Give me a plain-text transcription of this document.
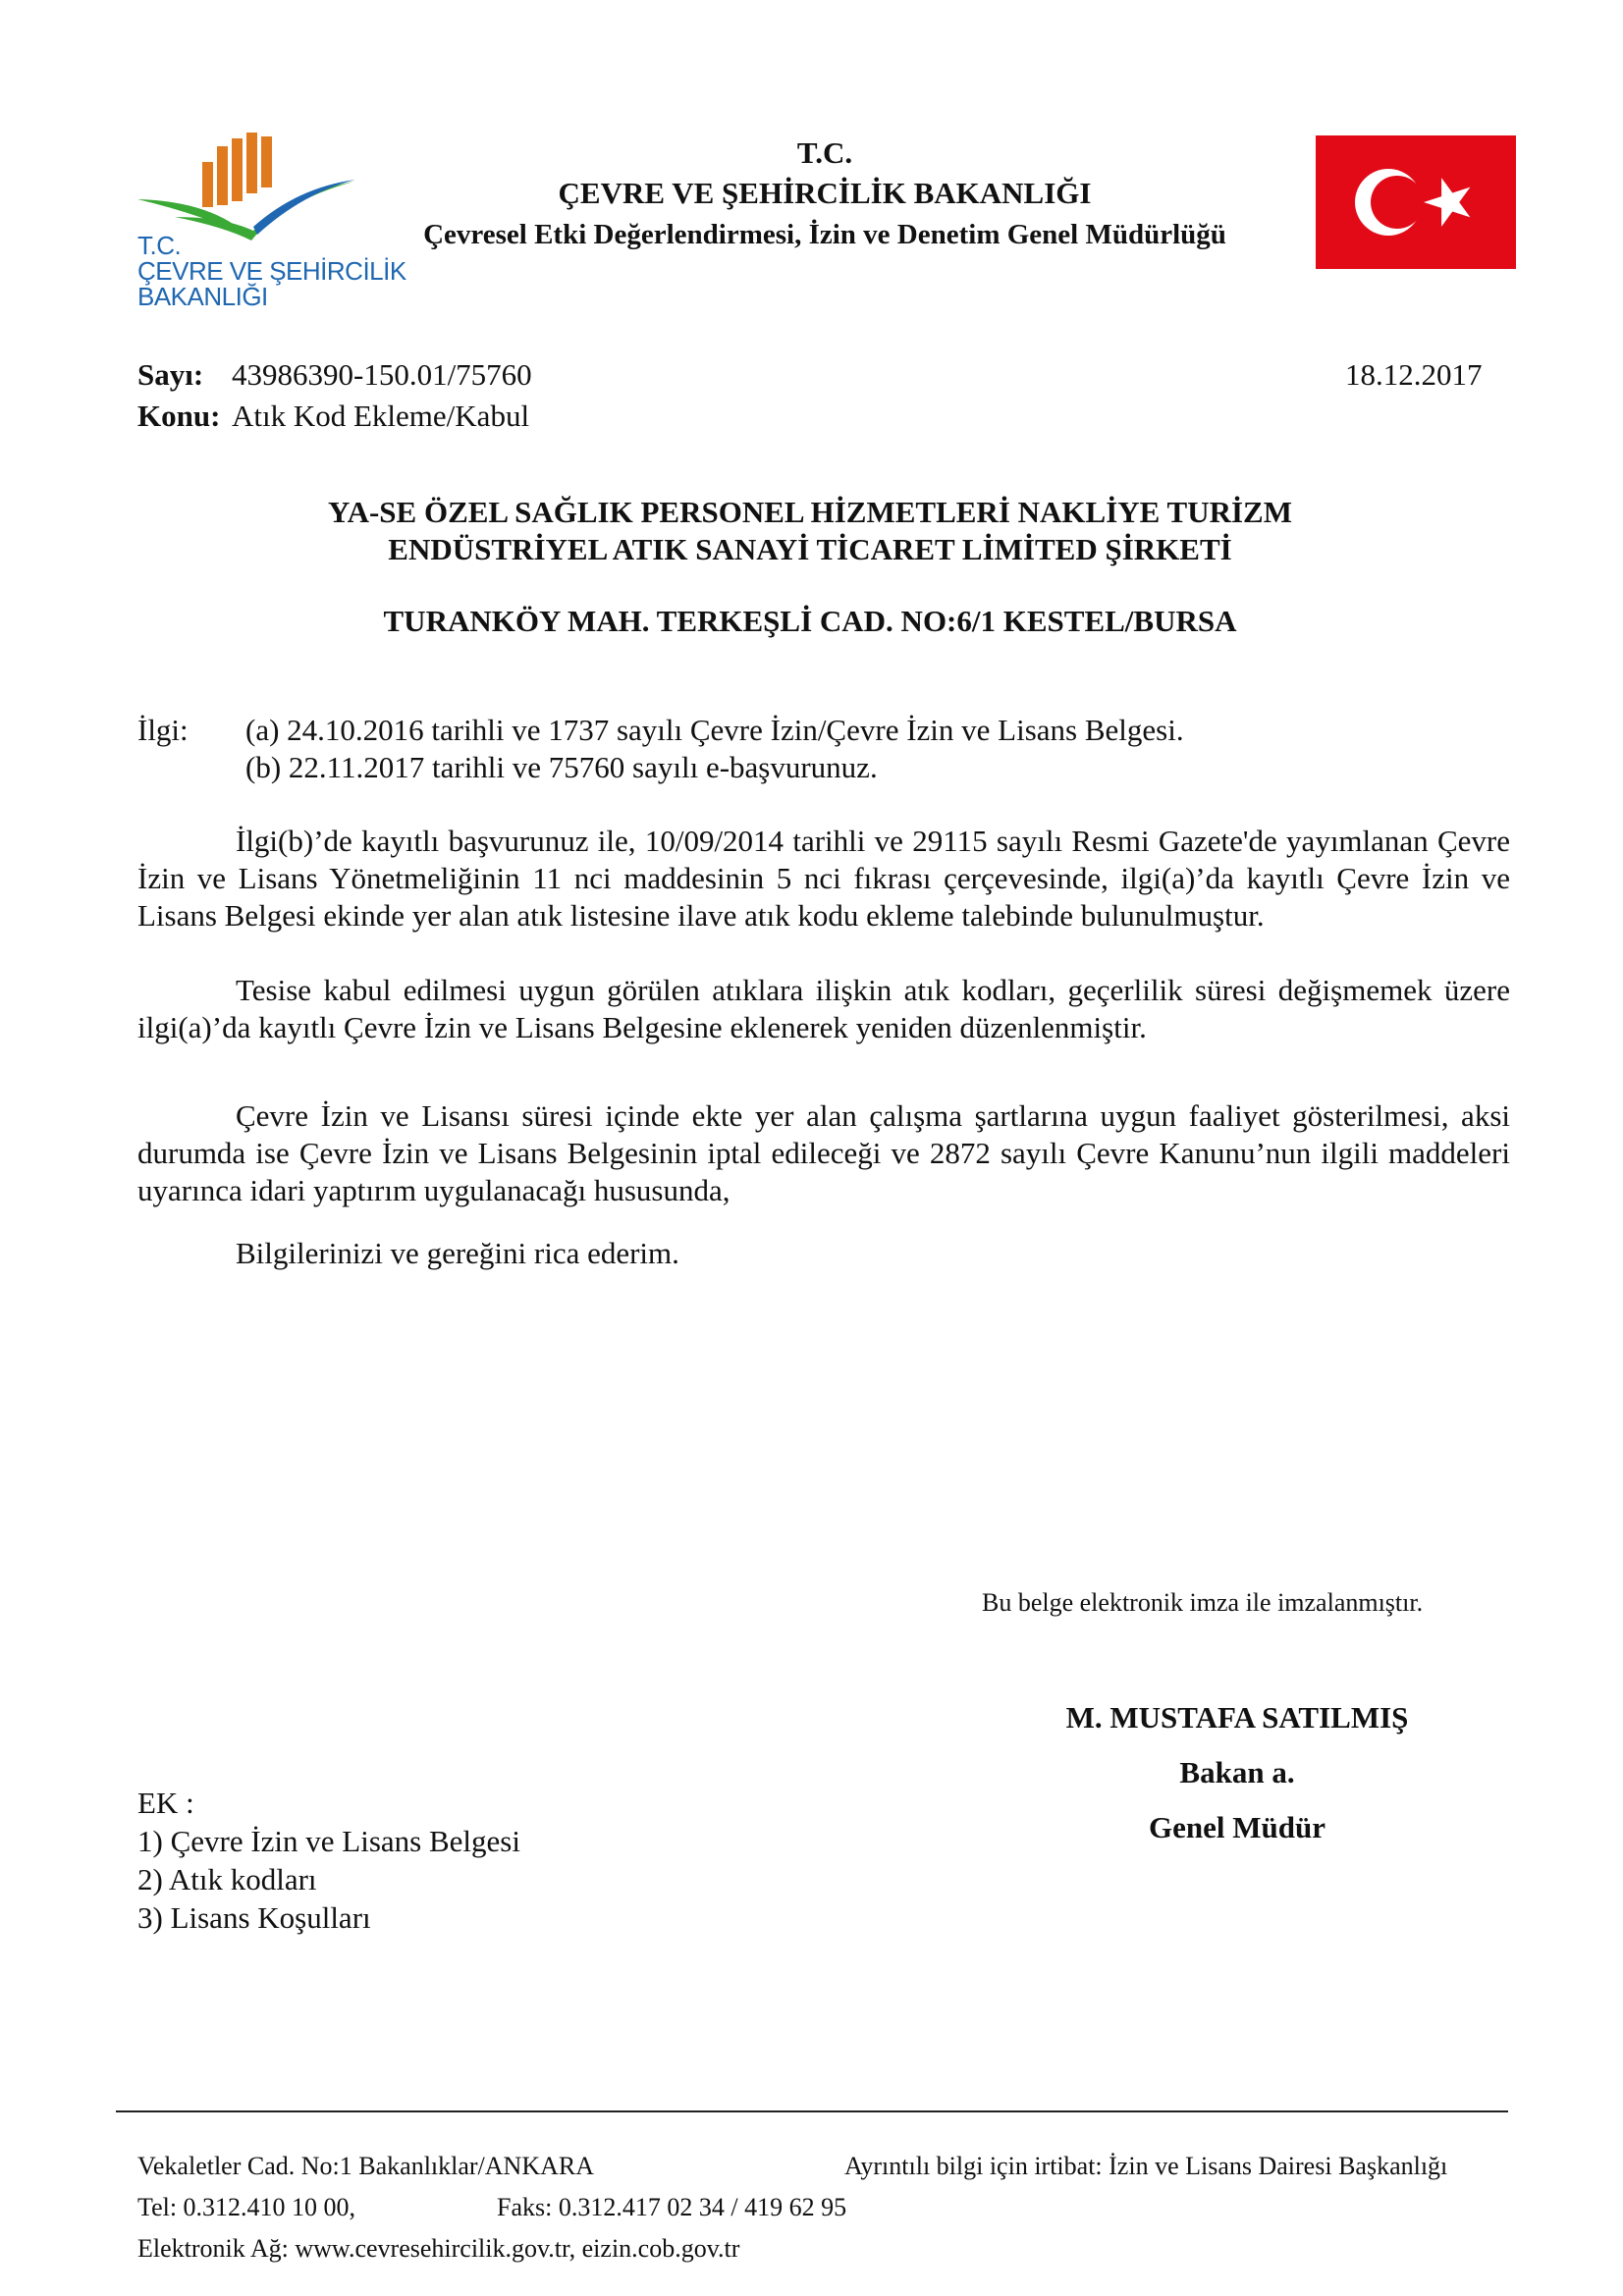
T.C.
ÇEVRE VE ŞEHİRCİLİK
BAKANLIĞI
T.C.
ÇEVRE VE ŞEHİRCİLİK BAKANLIĞI
Çevresel Etki Değerlendirmesi, İzin ve Denetim Genel Müdürlüğü
Sayı: 43986390-150.01/75760	18.12.2017
Konu: Atık Kod Ekleme/Kabul
YA-SE ÖZEL SAĞLIK PERSONEL HİZMETLERİ NAKLİYE TURİZM
ENDÜSTRİYEL ATIK SANAYİ TİCARET LİMİTED ŞİRKETİ
TURANKÖY MAH. TERKEŞLİ CAD. NO:6/1 KESTEL/BURSA
İlgi: (a) 24.10.2016 tarihli ve 1737 sayılı Çevre İzin/Çevre İzin ve Lisans Belgesi.
(b) 22.11.2017 tarihli ve 75760 sayılı e-başvurunuz.
İlgi(b)’de kayıtlı başvurunuz ile, 10/09/2014 tarihli ve 29115 sayılı Resmi Gazete'de yayımlanan Çevre İzin ve Lisans Yönetmeliğinin 11 nci maddesinin 5 nci fıkrası çerçevesinde, ilgi(a)’da kayıtlı Çevre İzin ve Lisans Belgesi ekinde yer alan atık listesine ilave atık kodu ekleme talebinde bulunulmuştur.
Tesise kabul edilmesi uygun görülen atıklara ilişkin atık kodları, geçerlilik süresi değişmemek üzere ilgi(a)’da kayıtlı Çevre İzin ve Lisans Belgesine eklenerek yeniden düzenlenmiştir.
Çevre İzin ve Lisansı süresi içinde ekte yer alan çalışma şartlarına uygun faaliyet gösterilmesi, aksi durumda ise Çevre İzin ve Lisans Belgesinin iptal edileceği ve 2872 sayılı Çevre Kanunu’nun ilgili maddeleri uyarınca idari yaptırım uygulanacağı hususunda,
Bilgilerinizi ve gereğini rica ederim.
Bu belge elektronik imza ile imzalanmıştır.
M. MUSTAFA SATILMIŞ
Bakan a.
Genel Müdür
EK :
1) Çevre İzin ve Lisans Belgesi
2) Atık kodları
3) Lisans Koşulları
Vekaletler Cad. No:1 Bakanlıklar/ANKARA	Ayrıntılı bilgi için irtibat: İzin ve Lisans Dairesi Başkanlığı
Tel: 0.312.410 10 00,	Faks: 0.312.417 02 34 / 419 62 95
Elektronik Ağ: www.cevresehircilik.gov.tr, eizin.cob.gov.tr
